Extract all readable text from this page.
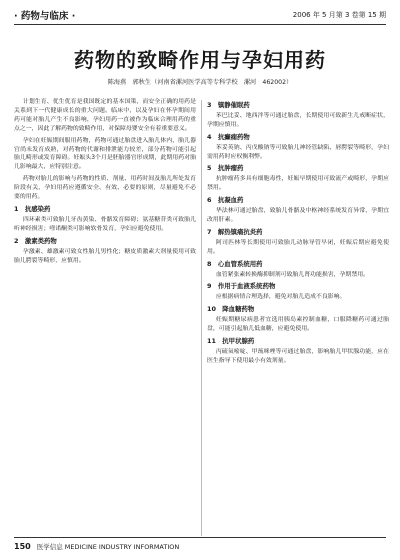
· 药物与临床 ·	2006 年 5 月第 3 卷第 15 期
药物的致畸作用与孕妇用药
陈海燕　郭秋生（河南省漯河医学高等专科学校　漯河　462002）

计划生育、优生优育是我国既定的基本国策，而安全正确的用药是关系到下一代健康成长的重大问题。临床中，以及孕妇在怀孕期间用药可能对胎儿产生不良影响，孕妇用药一直被作为临床合理用药的重点之一，因此了解药物的致畸作用，对保障母婴安全有着重要意义。

孕妇在妊娠期间服用药物，药物可通过胎盘进入胎儿体内，胎儿器官尚未发育成熟，对药物的代谢和排泄能力较差，部分药物可能引起胎儿畸形或发育障碍。妊娠头3个月是胚胎器官形成期，此期用药对胎儿影响最大，应特别注意。

药物对胎儿的影响与药物的性质、剂量、用药时间及胎儿所处发育阶段有关，孕妇用药应遵循安全、有效、必要的原则，尽量避免不必要的用药。

1　抗感染药

四环素类可致胎儿牙齿黄染、骨骼发育障碍；氨基糖苷类可致胎儿听神经损害；喹诺酮类可影响软骨发育，孕妇应避免使用。

2　激素类药物

孕激素、雄激素可致女性胎儿男性化；糖皮质激素大剂量使用可致胎儿腭裂等畸形，应慎用。

3　镇静催眠药

苯巴比妥、地西泮等可通过胎盘，长期使用可致新生儿戒断症状，孕期应慎用。

4　抗癫痫药物

苯妥英钠、丙戊酸钠等可致胎儿神经管缺陷、唇腭裂等畸形，孕妇需用药时应权衡利弊。

5　抗肿瘤药

抗肿瘤药多具有细胞毒性，妊娠早期使用可致流产或畸形，孕期应禁用。

6　抗凝血药

华法林可通过胎盘，致胎儿骨骼及中枢神经系统发育异常，孕期宜改用肝素。

7　解热镇痛抗炎药

阿司匹林等长期使用可致胎儿动脉导管早闭，妊娠后期应避免使用。

8　心血管系统用药

血管紧张素转换酶抑制剂可致胎儿肾功能损害，孕期禁用。

9　作用于血液系统药物

应根据病情合理选择，避免对胎儿造成不良影响。

10　降血糖药物

妊娠期糖尿病患者宜选用胰岛素控制血糖，口服降糖药可通过胎盘，可能引起胎儿低血糖，应避免使用。

11　抗甲状腺药

丙硫氧嘧啶、甲巯咪唑等可通过胎盘，影响胎儿甲状腺功能，应在医生指导下使用最小有效剂量。

150 医学信息 MEDICINE INDUSTRY INFORMATION
